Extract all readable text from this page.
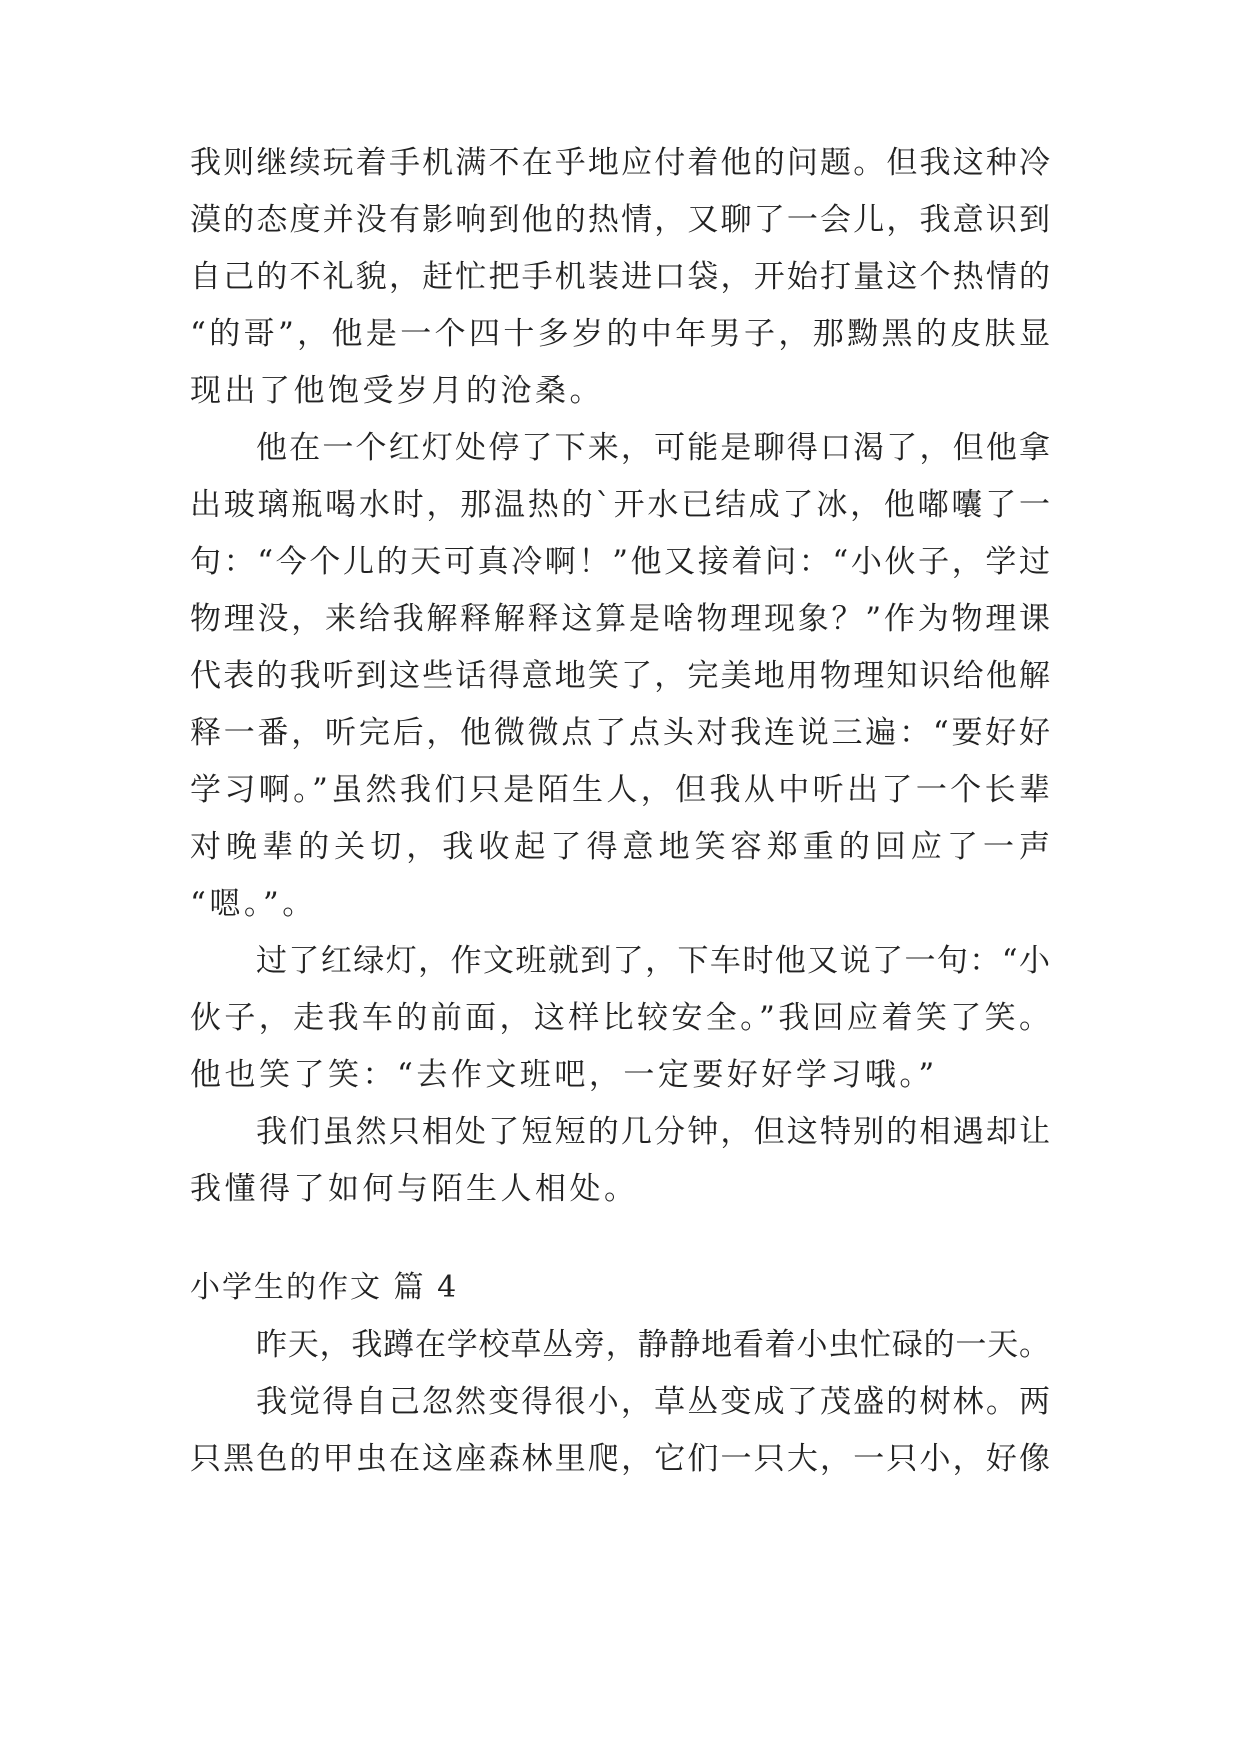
我则继续玩着手机满不在乎地应付着他的问题。但我这种冷
漠的态度并没有影响到他的热情，又聊了一会儿，我意识到
自己的不礼貌，赶忙把手机装进口袋，开始打量这个热情的
“的哥”，他是一个四十多岁的中年男子，那黝黑的皮肤显
现出了他饱受岁月的沧桑。
他在一个红灯处停了下来，可能是聊得口渴了，但他拿
出玻璃瓶喝水时，那温热的`开水已结成了冰，他嘟囔了一
句：“今个儿的天可真冷啊！”他又接着问：“小伙子，学过
物理没，来给我解释解释这算是啥物理现象？”作为物理课
代表的我听到这些话得意地笑了，完美地用物理知识给他解
释一番，听完后，他微微点了点头对我连说三遍：“要好好
学习啊。”虽然我们只是陌生人，但我从中听出了一个长辈
对晚辈的关切，我收起了得意地笑容郑重的回应了一声
“嗯。”。
过了红绿灯，作文班就到了，下车时他又说了一句：“小
伙子，走我车的前面，这样比较安全。”我回应着笑了笑。
他也笑了笑：“去作文班吧，一定要好好学习哦。”
我们虽然只相处了短短的几分钟，但这特别的相遇却让
我懂得了如何与陌生人相处。
小学生的作文 篇 4
昨天，我蹲在学校草丛旁，静静地看着小虫忙碌的一天。
我觉得自己忽然变得很小，草丛变成了茂盛的树林。两
只黑色的甲虫在这座森林里爬，它们一只大，一只小，好像
